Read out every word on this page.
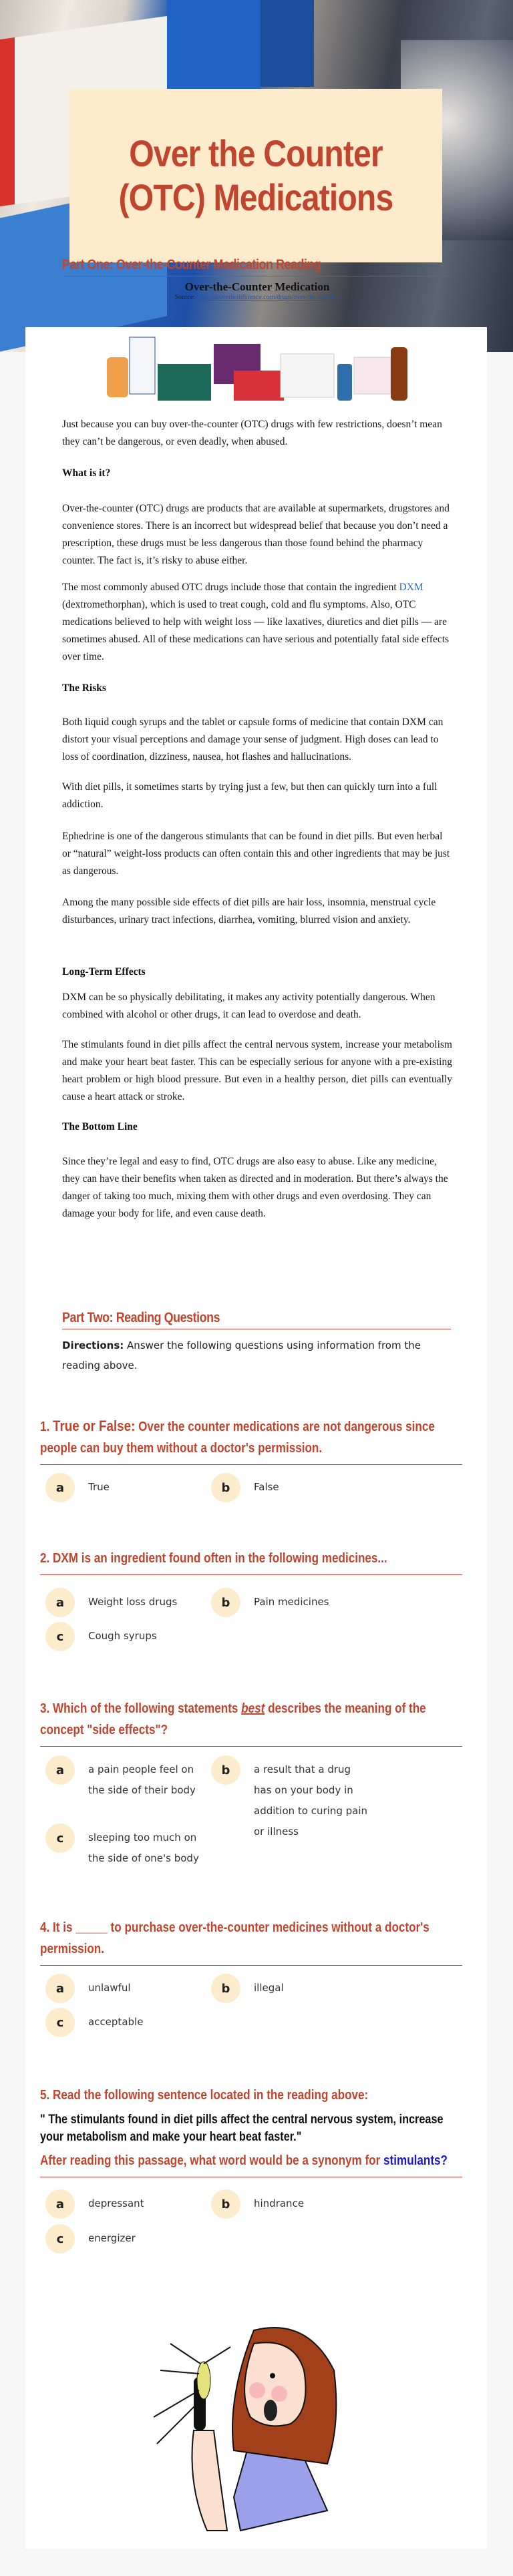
Over the Counter (OTC) Medications
Part One: Over-the-Counter Medication Reading
Over-the-Counter Medication
Source: http://abovetheinfluence.com/drugs/over-the-counter/

Just because you can buy over-the-counter (OTC) drugs with few restrictions, doesn’t mean they can’t be dangerous, or even deadly, when abused.

What is it?

Over-the-counter (OTC) drugs are products that are available at supermarkets, drugstores and convenience stores. There is an incorrect but widespread belief that because you don’t need a prescription, these drugs must be less dangerous than those found behind the pharmacy counter. The fact is, it’s risky to abuse either.

The most commonly abused OTC drugs include those that contain the ingredient DXM (dextromethorphan), which is used to treat cough, cold and flu symptoms. Also, OTC medications believed to help with weight loss — like laxatives, diuretics and diet pills — are sometimes abused. All of these medications can have serious and potentially fatal side effects over time.

The Risks

Both liquid cough syrups and the tablet or capsule forms of medicine that contain DXM can distort your visual perceptions and damage your sense of judgment. High doses can lead to loss of coordination, dizziness, nausea, hot flashes and hallucinations.

With diet pills, it sometimes starts by trying just a few, but then can quickly turn into a full addiction.

Ephedrine is one of the dangerous stimulants that can be found in diet pills. But even herbal or “natural” weight-loss products can often contain this and other ingredients that may be just as dangerous.

Among the many possible side effects of diet pills are hair loss, insomnia, menstrual cycle disturbances, urinary tract infections, diarrhea, vomiting, blurred vision and anxiety.

Long-Term Effects

DXM can be so physically debilitating, it makes any activity potentially dangerous. When combined with alcohol or other drugs, it can lead to overdose and death.

The stimulants found in diet pills affect the central nervous system, increase your metabolism and make your heart beat faster. This can be especially serious for anyone with a pre-existing heart problem or high blood pressure. But even in a healthy person, diet pills can eventually cause a heart attack or stroke.

The Bottom Line

Since they’re legal and easy to find, OTC drugs are also easy to abuse. Like any medicine, they can have their benefits when taken as directed and in moderation. But there’s always the danger of taking too much, mixing them with other drugs and even overdosing. They can damage your body for life, and even cause death.

Part Two: Reading Questions
Directions: Answer the following questions using information from the reading above.
1. True or False: Over the counter medications are not dangerous since people can buy them without a doctor's permission.
a	True	b	False
2. DXM is an ingredient found often in the following medicines...
a	Weight loss drugs	b	Pain medicines
c	Cough syrups
3. Which of the following statements best describes the meaning of the concept "side effects"?
a	a pain people feel on the side of their body
b	a result that a drug has on your body in addition to curing pain or illness
c	sleeping too much on the side of one's body
4. It is _____ to purchase over-the-counter medicines without a doctor's permission.
a	unlawful	b	illegal
c	acceptable
5. Read the following sentence located in the reading above:
" The stimulants found in diet pills affect the central nervous system, increase your metabolism and make your heart beat faster."
After reading this passage, what word would be a synonym for stimulants?
a	depressant	b	hindrance
c	energizer
